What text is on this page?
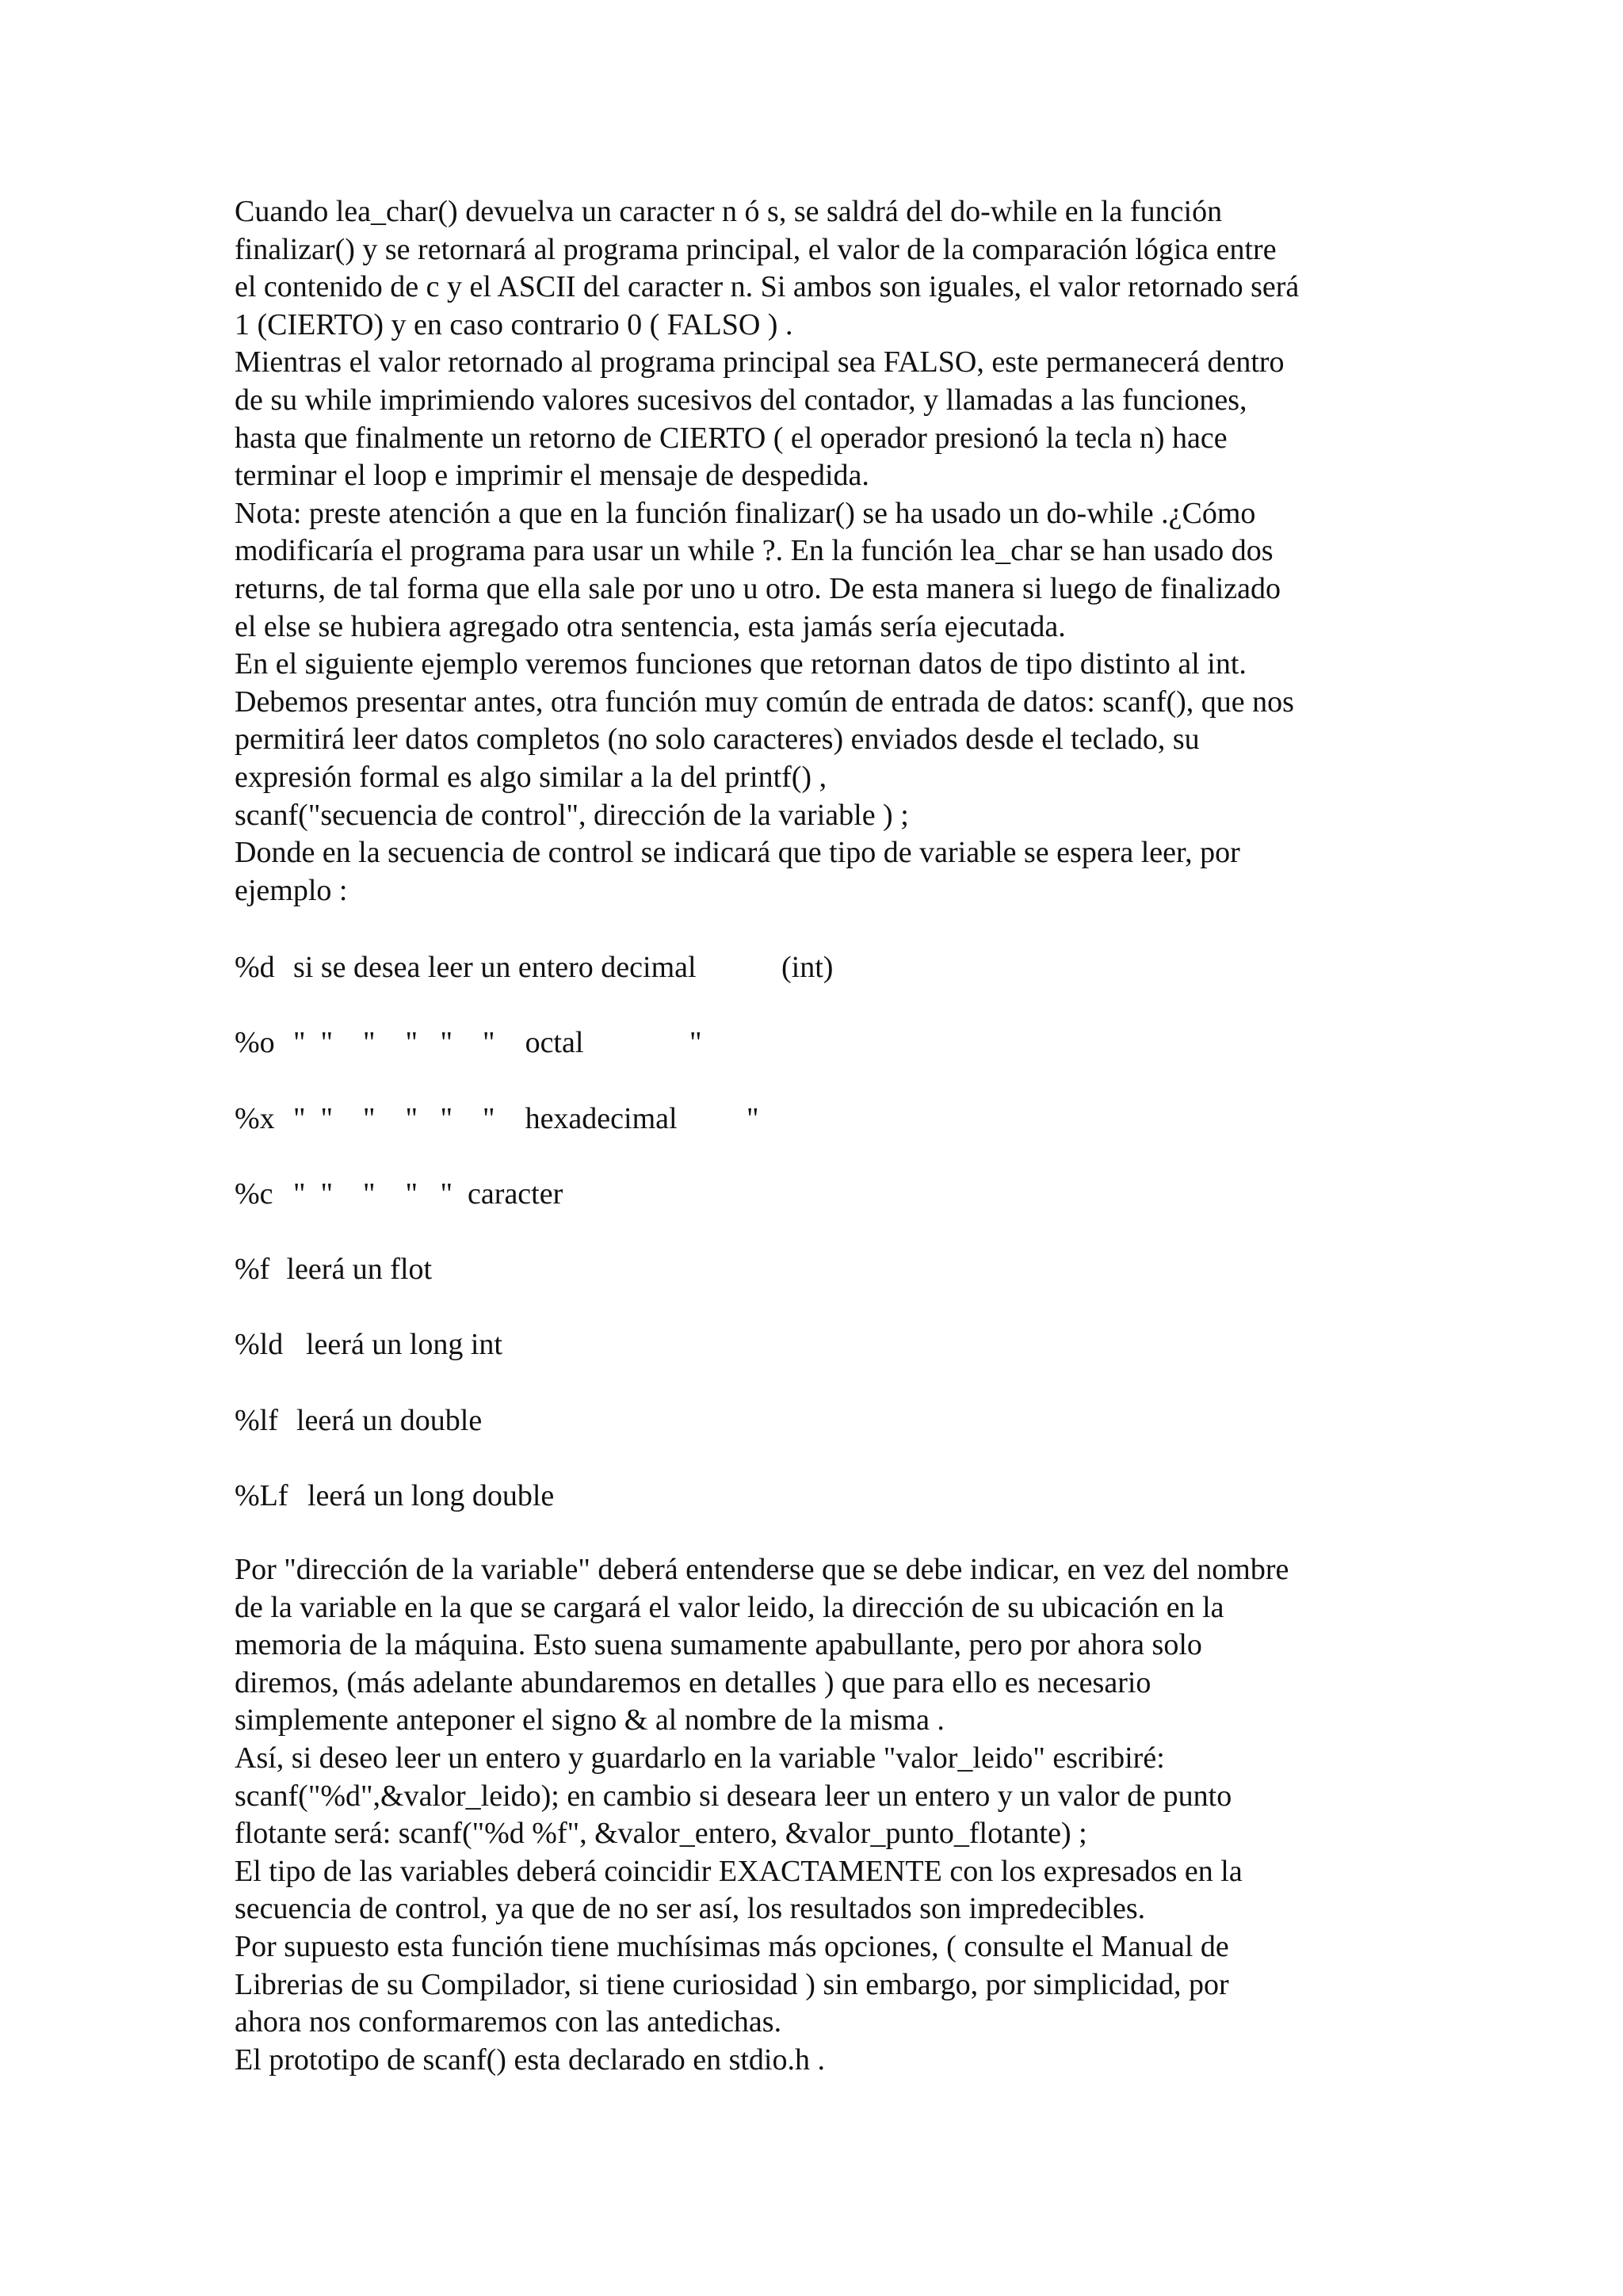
Cuando lea_char() devuelva un caracter n ó s, se saldrá del do-while en la función
finalizar() y se retornará al programa principal, el valor de la comparación lógica entre
el contenido de c y el ASCII del caracter n. Si ambos son iguales, el valor retornado será
1 (CIERTO) y en caso contrario 0 ( FALSO ) .
Mientras el valor retornado al programa principal sea FALSO, este permanecerá dentro
de su while imprimiendo valores sucesivos del contador, y llamadas a las funciones,
hasta que finalmente un retorno de CIERTO ( el operador presionó la tecla n) hace
terminar el loop e imprimir el mensaje de despedida.
Nota: preste atención a que en la función finalizar() se ha usado un do-while .¿Cómo
modificaría el programa para usar un while ?. En la función lea_char se han usado dos
returns, de tal forma que ella sale por uno u otro. De esta manera si luego de finalizado
el else se hubiera agregado otra sentencia, esta jamás sería ejecutada.
En el siguiente ejemplo veremos funciones que retornan datos de tipo distinto al int.
Debemos presentar antes, otra función muy común de entrada de datos: scanf(), que nos
permitirá leer datos completos (no solo caracteres) enviados desde el teclado, su
expresión formal es algo similar a la del printf() ,
scanf("secuencia de control", dirección de la variable ) ;
Donde en la secuencia de control se indicará que tipo de variable se espera leer, por
ejemplo :
%d si se desea leer un entero decimal	(int)
%o "  "    "    "   "    "    octal	"
%x "  "    "    "   "    "    hexadecimal "
%c "  "    "    "   "  caracter
%f leerá un flot
%ld leerá un long int
%lf leerá un double
%Lf leerá un long double
Por "dirección de la variable" deberá entenderse que se debe indicar, en vez del nombre
de la variable en la que se cargará el valor leido, la dirección de su ubicación en la
memoria de la máquina. Esto suena sumamente apabullante, pero por ahora solo
diremos, (más adelante abundaremos en detalles ) que para ello es necesario
simplemente anteponer el signo & al nombre de la misma .
Así, si deseo leer un entero y guardarlo en la variable "valor_leido" escribiré:
scanf("%d",&valor_leido); en cambio si deseara leer un entero y un valor de punto
flotante será: scanf("%d %f", &valor_entero, &valor_punto_flotante) ;
El tipo de las variables deberá coincidir EXACTAMENTE con los expresados en la
secuencia de control, ya que de no ser así, los resultados son impredecibles.
Por supuesto esta función tiene muchísimas más opciones, ( consulte el Manual de
Librerias de su Compilador, si tiene curiosidad ) sin embargo, por simplicidad, por
ahora nos conformaremos con las antedichas.
El prototipo de scanf() esta declarado en stdio.h .
